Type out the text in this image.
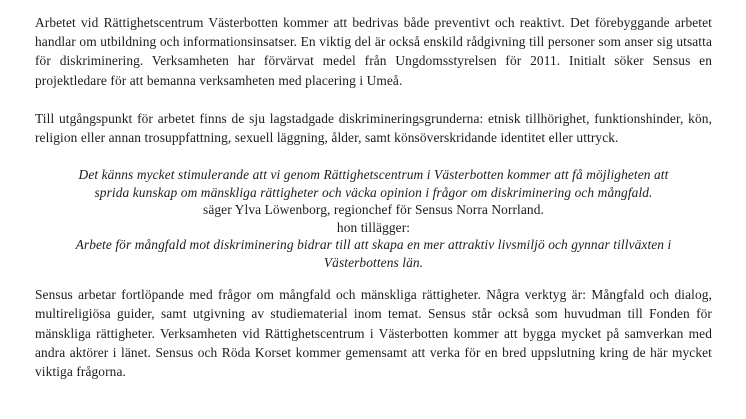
Arbetet vid Rättighetscentrum Västerbotten kommer att bedrivas både preventivt och reaktivt. Det förebyggande arbetet handlar om utbildning och informationsinsatser. En viktig del är också enskild rådgivning till personer som anser sig utsatta för diskriminering. Verksamheten har förvärvat medel från Ungdomsstyrelsen för 2011. Initialt söker Sensus en projektledare för att bemanna verksamheten med placering i Umeå.

Till utgångspunkt för arbetet finns de sju lagstadgade diskrimineringsgrunderna: etnisk tillhörighet, funktionshinder, kön, religion eller annan trosuppfattning, sexuell läggning, ålder, samt könsöverskridande identitet eller uttryck.

Det känns mycket stimulerande att vi genom Rättighetscentrum i Västerbotten kommer att få möjligheten att sprida kunskap om mänskliga rättigheter och väcka opinion i frågor om diskriminering och mångfald.
säger Ylva Löwenborg, regionchef för Sensus Norra Norrland.
hon tillägger:
Arbete för mångfald mot diskriminering bidrar till att skapa en mer attraktiv livsmiljö och gynnar tillväxten i Västerbottens län.

Sensus arbetar fortlöpande med frågor om mångfald och mänskliga rättigheter. Några verktyg är: Mångfald och dialog, multireligiösa guider, samt utgivning av studiematerial inom temat. Sensus står också som huvudman till Fonden för mänskliga rättigheter. Verksamheten vid Rättighetscentrum i Västerbotten kommer att bygga mycket på samverkan med andra aktörer i länet. Sensus och Röda Korset kommer gemensamt att verka för en bred uppslutning kring de här mycket viktiga frågorna.
